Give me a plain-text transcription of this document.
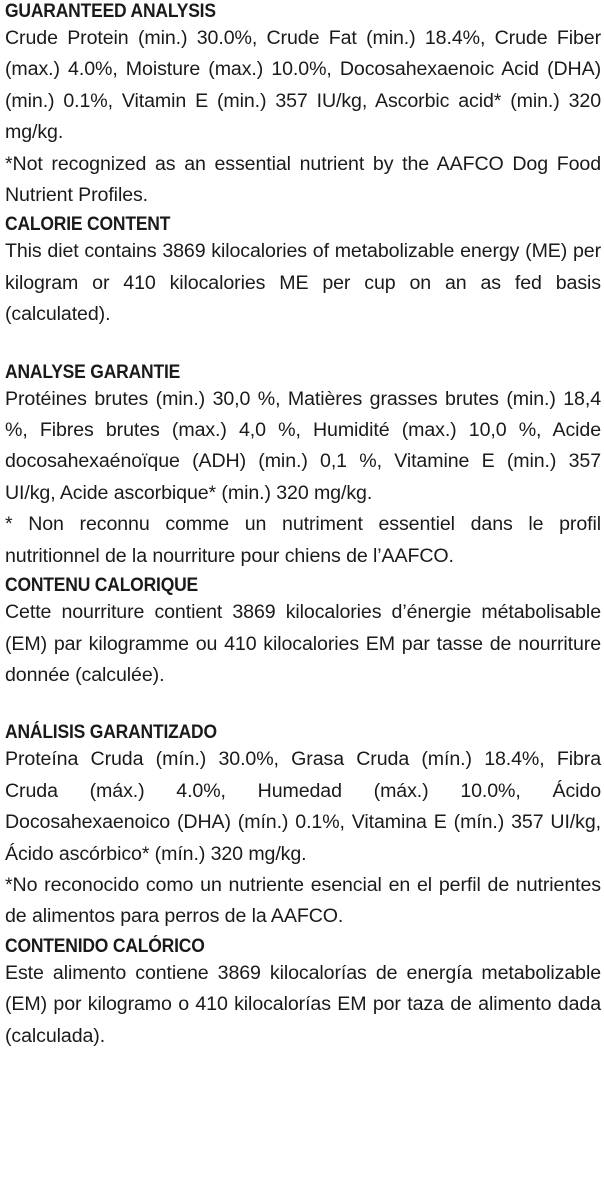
GUARANTEED ANALYSIS

Crude Protein (min.) 30.0%, Crude Fat (min.) 18.4%, Crude Fiber (max.) 4.0%, Moisture (max.) 10.0%, Docosahexaenoic Acid (DHA) (min.) 0.1%, Vitamin E (min.) 357 IU/kg, Ascorbic acid* (min.) 320 mg/kg.

*Not recognized as an essential nutrient by the AAFCO Dog Food Nutrient Profiles.

CALORIE CONTENT

This diet contains 3869 kilocalories of metabolizable energy (ME) per kilogram or 410 kilocalories ME per cup on an as fed basis (calculated).

ANALYSE GARANTIE

Protéines brutes (min.) 30,0 %, Matières grasses brutes (min.) 18,4 %, Fibres brutes (max.) 4,0 %, Humidité (max.) 10,0 %, Acide docosahexaénoïque (ADH) (min.) 0,1 %, Vitamine E (min.) 357 UI/kg, Acide ascorbique* (min.) 320 mg/kg.

* Non reconnu comme un nutriment essentiel dans le profil nutritionnel de la nourriture pour chiens de l’AAFCO.

CONTENU CALORIQUE

Cette nourriture contient 3869 kilocalories d’énergie métabolisable (EM) par kilogramme ou 410 kilocalories EM par tasse de nourriture donnée (calculée).

ANÁLISIS GARANTIZADO

Proteína Cruda (mín.) 30.0%, Grasa Cruda (mín.) 18.4%, Fibra Cruda (máx.) 4.0%, Humedad (máx.) 10.0%, Ácido Docosahexaenoico (DHA) (mín.) 0.1%, Vitamina E (mín.) 357 UI/kg, Ácido ascórbico* (mín.) 320 mg/kg.

*No reconocido como un nutriente esencial en el perfil de nutrientes de alimentos para perros de la AAFCO.

CONTENIDO CALÓRICO

Este alimento contiene 3869 kilocalorías de energía metabolizable (EM) por kilogramo o 410 kilocalorías EM por taza de alimento dada (calculada).
